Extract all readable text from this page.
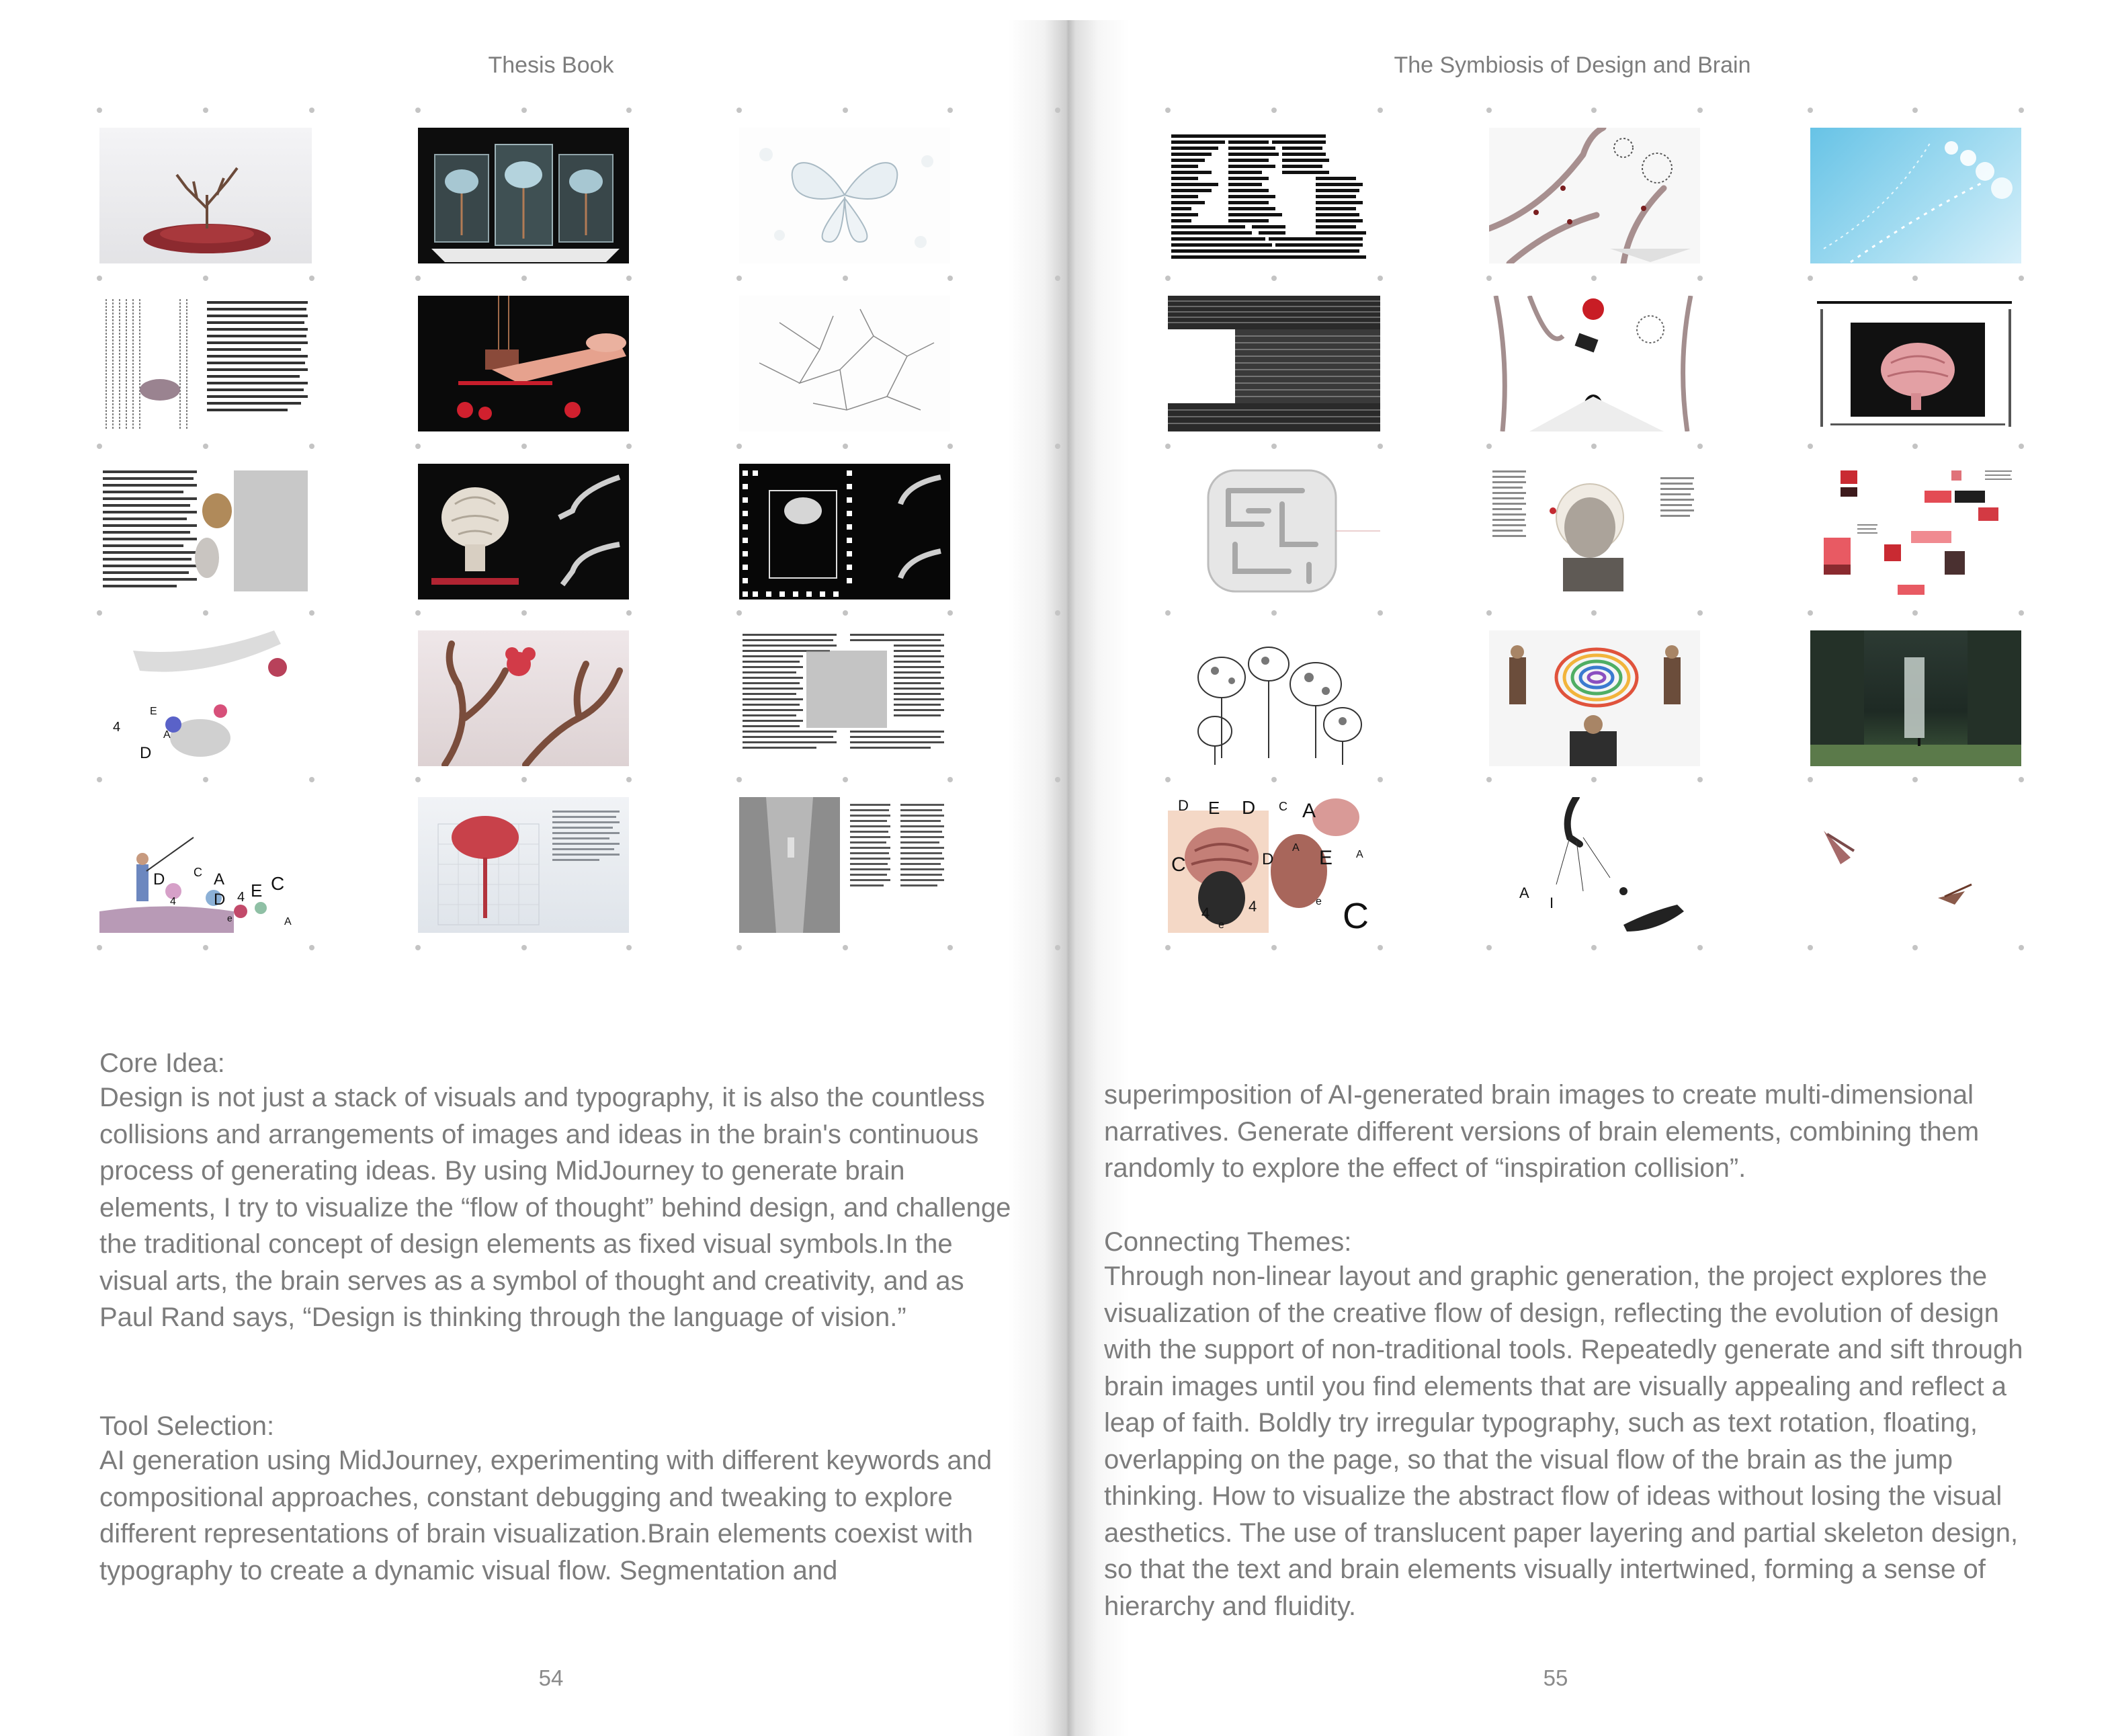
Thesis Book	The Symbiosis of Design and Brain
4
E
D
A
D C A
4 D 4 E C
e	A
D E D C A
C
A
D E
4
e
4 C
A
e
A
I
Core Idea:
Design is not just a stack of visuals and typography, it is also the countless collisions and arrangements of images and ideas in the brain's continuous process of generating ideas. By using MidJourney to generate brain elements, I try to visualize the “flow of thought” behind design, and challenge the traditional concept of design elements as fixed visual symbols.In the visual arts, the brain serves as a symbol of thought and creativity, and as Paul Rand says, “Design is thinking through the language of vision.”
Tool Selection:
AI generation using MidJourney, experimenting with different keywords and compositional approaches, constant debugging and tweaking to explore different representations of brain visualization.Brain elements coexist with typography to create a dynamic visual flow. Segmentation and
superimposition of AI-generated brain images to create multi-dimensional narratives. Generate different versions of brain elements, combining them randomly to explore the effect of “inspiration collision”.
Connecting Themes:
Through non-linear layout and graphic generation, the project explores the visualization of the creative flow of design, reflecting the evolution of design with the support of non-traditional tools. Repeatedly generate and sift through brain images until you find elements that are visually appealing and reflect a leap of faith. Boldly try irregular typography, such as text rotation, floating, overlapping on the page, so that the visual flow of the brain as the jump thinking. How to visualize the abstract flow of ideas without losing the visual aesthetics. The use of translucent paper layering and partial skeleton design, so that the text and brain elements visually intertwined, forming a sense of hierarchy and fluidity.
54	55
